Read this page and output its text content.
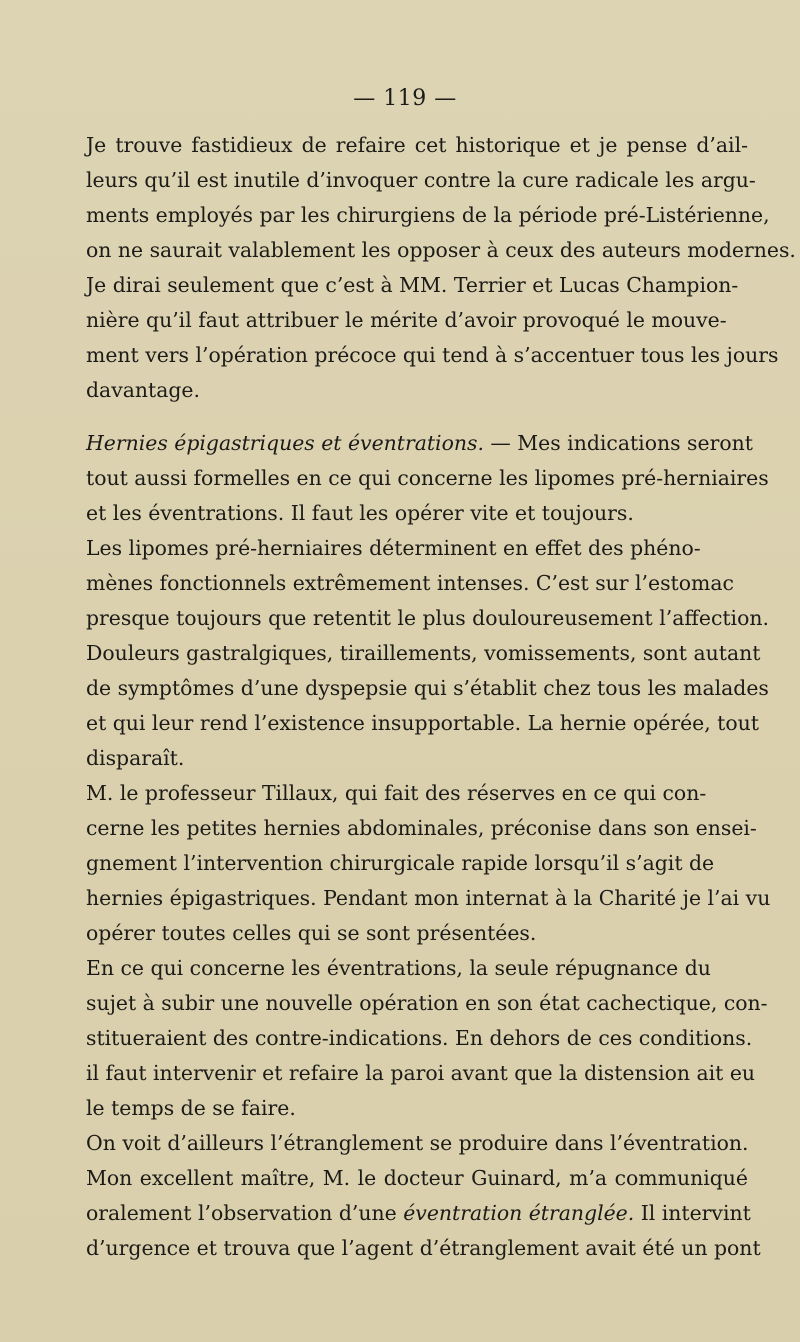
— 119 —

Je trouve fastidieux de refaire cet historique et je pense d’ail-
leurs qu’il est inutile d’invoquer contre la cure radicale les argu-
ments employés par les chirurgiens de la période pré-Listérienne,
on ne saurait valablement les opposer à ceux des auteurs modernes.

Je dirai seulement que c’est à MM. Terrier et Lucas Champion-
nière qu’il faut attribuer le mérite d’avoir provoqué le mouve-
ment vers l’opération précoce qui tend à s’accentuer tous les jours
davantage.

Hernies épigastriques et éventrations. — Mes indications seront
tout aussi formelles en ce qui concerne les lipomes pré-herniaires
et les éventrations. Il faut les opérer vite et toujours.

Les lipomes pré-herniaires déterminent en effet des phéno-
mènes fonctionnels extrêmement intenses. C’est sur l’estomac
presque toujours que retentit le plus douloureusement l’affection.
Douleurs gastralgiques, tiraillements, vomissements, sont autant
de symptômes d’une dyspepsie qui s’établit chez tous les malades
et qui leur rend l’existence insupportable. La hernie opérée, tout
disparaît.

M. le professeur Tillaux, qui fait des réserves en ce qui con-
cerne les petites hernies abdominales, préconise dans son ensei-
gnement l’intervention chirurgicale rapide lorsqu’il s’agit de
hernies épigastriques. Pendant mon internat à la Charité je l’ai vu
opérer toutes celles qui se sont présentées.

En ce qui concerne les éventrations, la seule répugnance du
sujet à subir une nouvelle opération en son état cachectique, con-
stitueraient des contre-indications. En dehors de ces conditions.
il faut intervenir et refaire la paroi avant que la distension ait eu
le temps de se faire.

On voit d’ailleurs l’étranglement se produire dans l’éventration.
Mon excellent maître, M. le docteur Guinard, m’a communiqué
oralement l’observation d’une éventration étranglée. Il intervint
d’urgence et trouva que l’agent d’étranglement avait été un pont
